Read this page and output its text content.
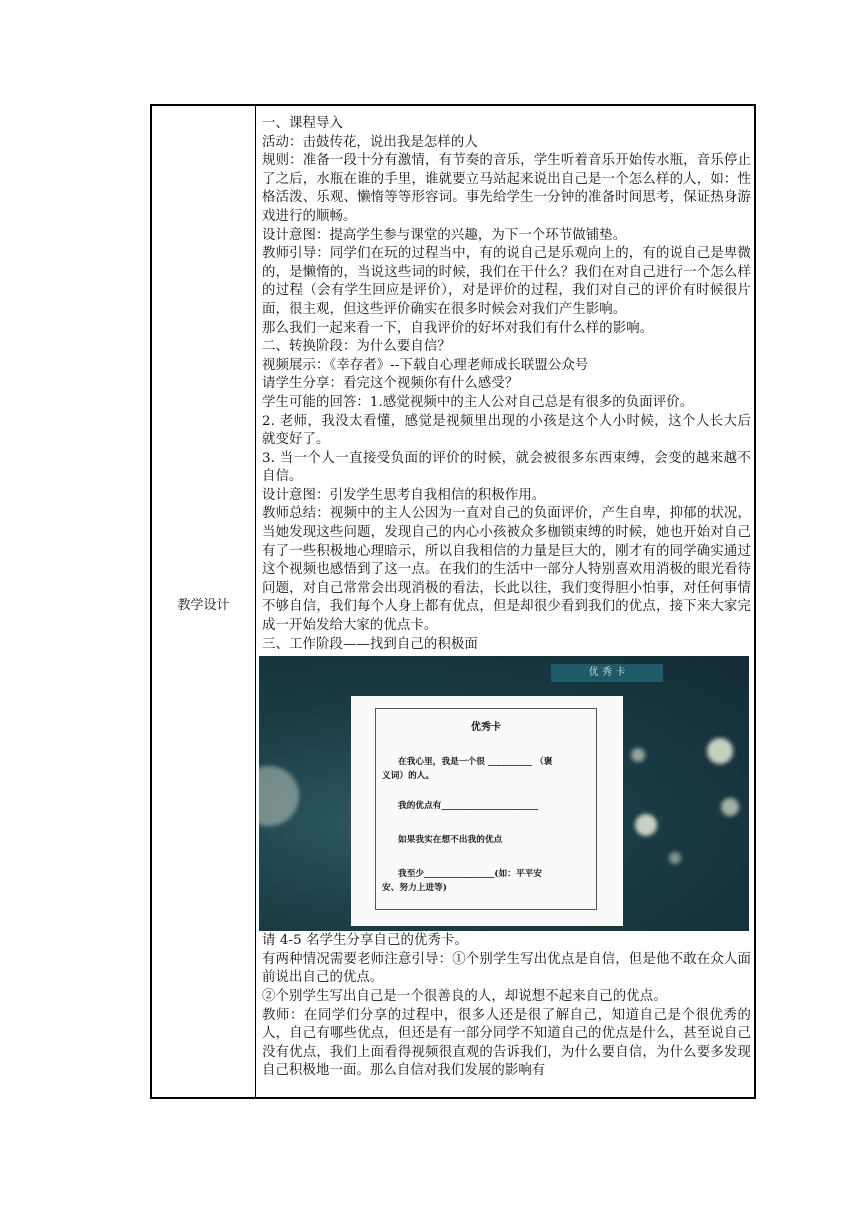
教学设计

一、课程导入

活动：击鼓传花，说出我是怎样的人

规则：准备一段十分有激情，有节奏的音乐，学生听着音乐开始传水瓶，音乐停止了之后，水瓶在谁的手里，谁就要立马站起来说出自己是一个怎么样的人，如：性格活泼、乐观、懒惰等等形容词。事先给学生一分钟的准备时间思考，保证热身游戏进行的顺畅。

设计意图：提高学生参与课堂的兴趣，为下一个环节做铺垫。

教师引导：同学们在玩的过程当中，有的说自己是乐观向上的，有的说自己是卑微的，是懒惰的，当说这些词的时候，我们在干什么？我们在对自己进行一个怎么样的过程（会有学生回应是评价），对是评价的过程，我们对自己的评价有时候很片面，很主观，但这些评价确实在很多时候会对我们产生影响。

那么我们一起来看一下，自我评价的好坏对我们有什么样的影响。

二、转换阶段：为什么要自信？

视频展示：《幸存者》--下载自心理老师成长联盟公众号

请学生分享：看完这个视频你有什么感受？

学生可能的回答：1.感觉视频中的主人公对自己总是有很多的负面评价。

2. 老师，我没太看懂，感觉是视频里出现的小孩是这个人小时候，这个人长大后就变好了。

3. 当一个人一直接受负面的评价的时候，就会被很多东西束缚，会变的越来越不自信。

设计意图：引发学生思考自我相信的积极作用。

教师总结：视频中的主人公因为一直对自己的负面评价，产生自卑，抑郁的状况，当她发现这些问题，发现自己的内心小孩被众多枷锁束缚的时候，她也开始对自己有了一些积极地心理暗示，所以自我相信的力量是巨大的，刚才有的同学确实通过这个视频也感悟到了这一点。在我们的生活中一部分人特别喜欢用消极的眼光看待问题，对自己常常会出现消极的看法，长此以往，我们变得胆小怕事，对任何事情不够自信，我们每个人身上都有优点，但是却很少看到我们的优点，接下来大家完成一开始发给大家的优点卡。

三、工作阶段——找到自己的积极面

优 秀 卡
优秀卡
在我心里，我是一个很 __________ （褒
义词）的人。
我的优点有______________________
如果我实在想不出我的优点
我至少________________(如：平平安
安、努力上进等)

请 4-5 名学生分享自己的优秀卡。

有两种情况需要老师注意引导：①个别学生写出优点是自信，但是他不敢在众人面前说出自己的优点。

②个别学生写出自己是一个很善良的人，却说想不起来自己的优点。

教师：在同学们分享的过程中，很多人还是很了解自己，知道自己是个很优秀的人，自己有哪些优点，但还是有一部分同学不知道自己的优点是什么，甚至说自己没有优点，我们上面看得视频很直观的告诉我们，为什么要自信，为什么要多发现自己积极地一面。那么自信对我们发展的影响有
